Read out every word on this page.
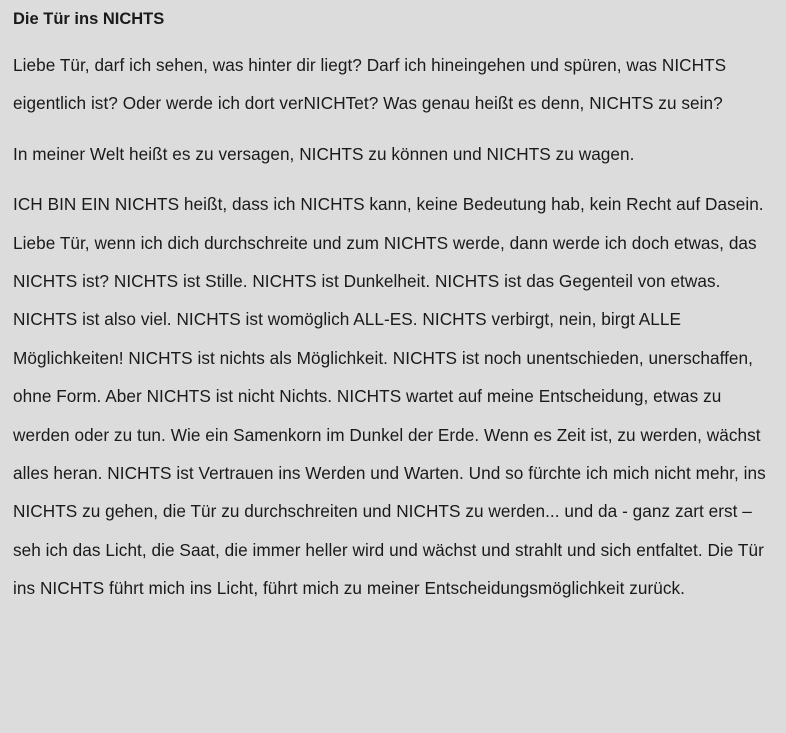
Die Tür ins NICHTS

Liebe Tür, darf ich sehen, was hinter dir liegt? Darf ich hineingehen und spüren, was NICHTS eigentlich ist? Oder werde ich dort verNICHTet? Was genau heißt es denn, NICHTS zu sein?

In meiner Welt heißt es zu versagen, NICHTS zu können und NICHTS zu wagen.

ICH BIN EIN NICHTS heißt, dass ich NICHTS kann, keine Bedeutung hab, kein Recht auf Dasein. Liebe Tür, wenn ich dich durchschreite und zum NICHTS werde, dann werde ich doch etwas, das NICHTS ist? NICHTS ist Stille. NICHTS ist Dunkelheit. NICHTS ist das Gegenteil von etwas. NICHTS ist also viel. NICHTS ist womöglich ALL-ES. NICHTS verbirgt, nein, birgt ALLE Möglichkeiten! NICHTS ist nichts als Möglichkeit. NICHTS ist noch unentschieden, unerschaffen, ohne Form. Aber NICHTS ist nicht Nichts. NICHTS wartet auf meine Entscheidung, etwas zu werden oder zu tun. Wie ein Samenkorn im Dunkel der Erde. Wenn es Zeit ist, zu werden, wächst alles heran. NICHTS ist Vertrauen ins Werden und Warten. Und so fürchte ich mich nicht mehr, ins NICHTS zu gehen, die Tür zu durchschreiten und NICHTS zu werden... und da - ganz zart erst – seh ich das Licht, die Saat, die immer heller wird und wächst und strahlt und sich entfaltet. Die Tür ins NICHTS führt mich ins Licht, führt mich zu meiner Entscheidungsmöglichkeit zurück.
